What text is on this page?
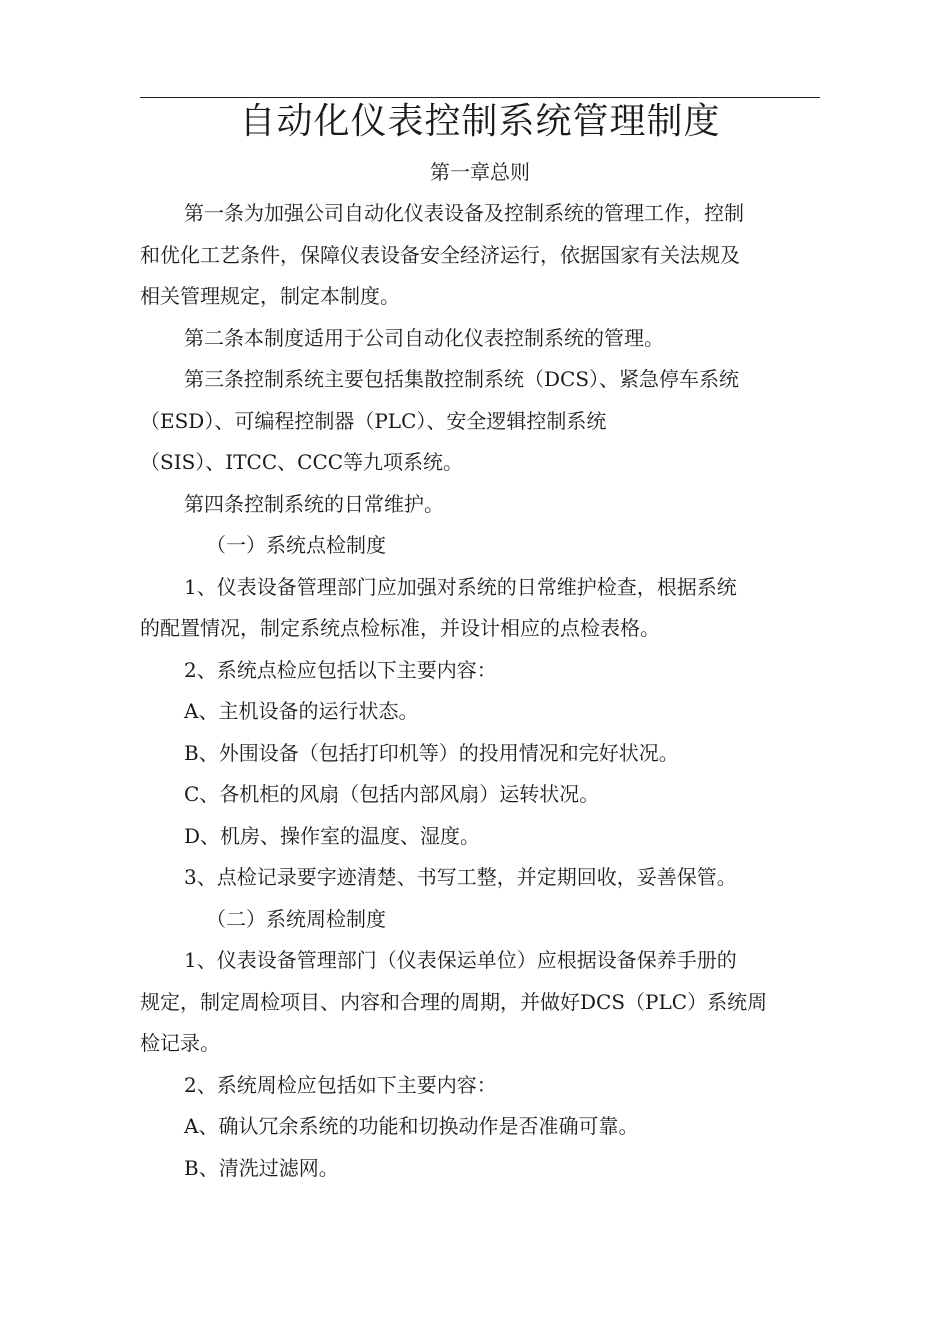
自动化仪表控制系统管理制度
第一章总则
第一条为加强公司自动化仪表设备及控制系统的管理工作，控制
和优化工艺条件，保障仪表设备安全经济运行，依据国家有关法规及
相关管理规定，制定本制度。
第二条本制度适用于公司自动化仪表控制系统的管理。
第三条控制系统主要包括集散控制系统（DCS）、紧急停车系统
（ESD）、可编程控制器（PLC）、安全逻辑控制系统
（SIS）、ITCC、CCC等九项系统。
第四条控制系统的日常维护。
（一）系统点检制度
1、仪表设备管理部门应加强对系统的日常维护检查，根据系统
的配置情况，制定系统点检标准，并设计相应的点检表格。
2、系统点检应包括以下主要内容：
A、主机设备的运行状态。
B、外围设备（包括打印机等）的投用情况和完好状况。
C、各机柜的风扇（包括内部风扇）运转状况。
D、机房、操作室的温度、湿度。
3、点检记录要字迹清楚、书写工整，并定期回收，妥善保管。
（二）系统周检制度
1、仪表设备管理部门（仪表保运单位）应根据设备保养手册的
规定，制定周检项目、内容和合理的周期，并做好DCS（PLC）系统周
检记录。
2、系统周检应包括如下主要内容：
A、确认冗余系统的功能和切换动作是否准确可靠。
B、清洗过滤网。
